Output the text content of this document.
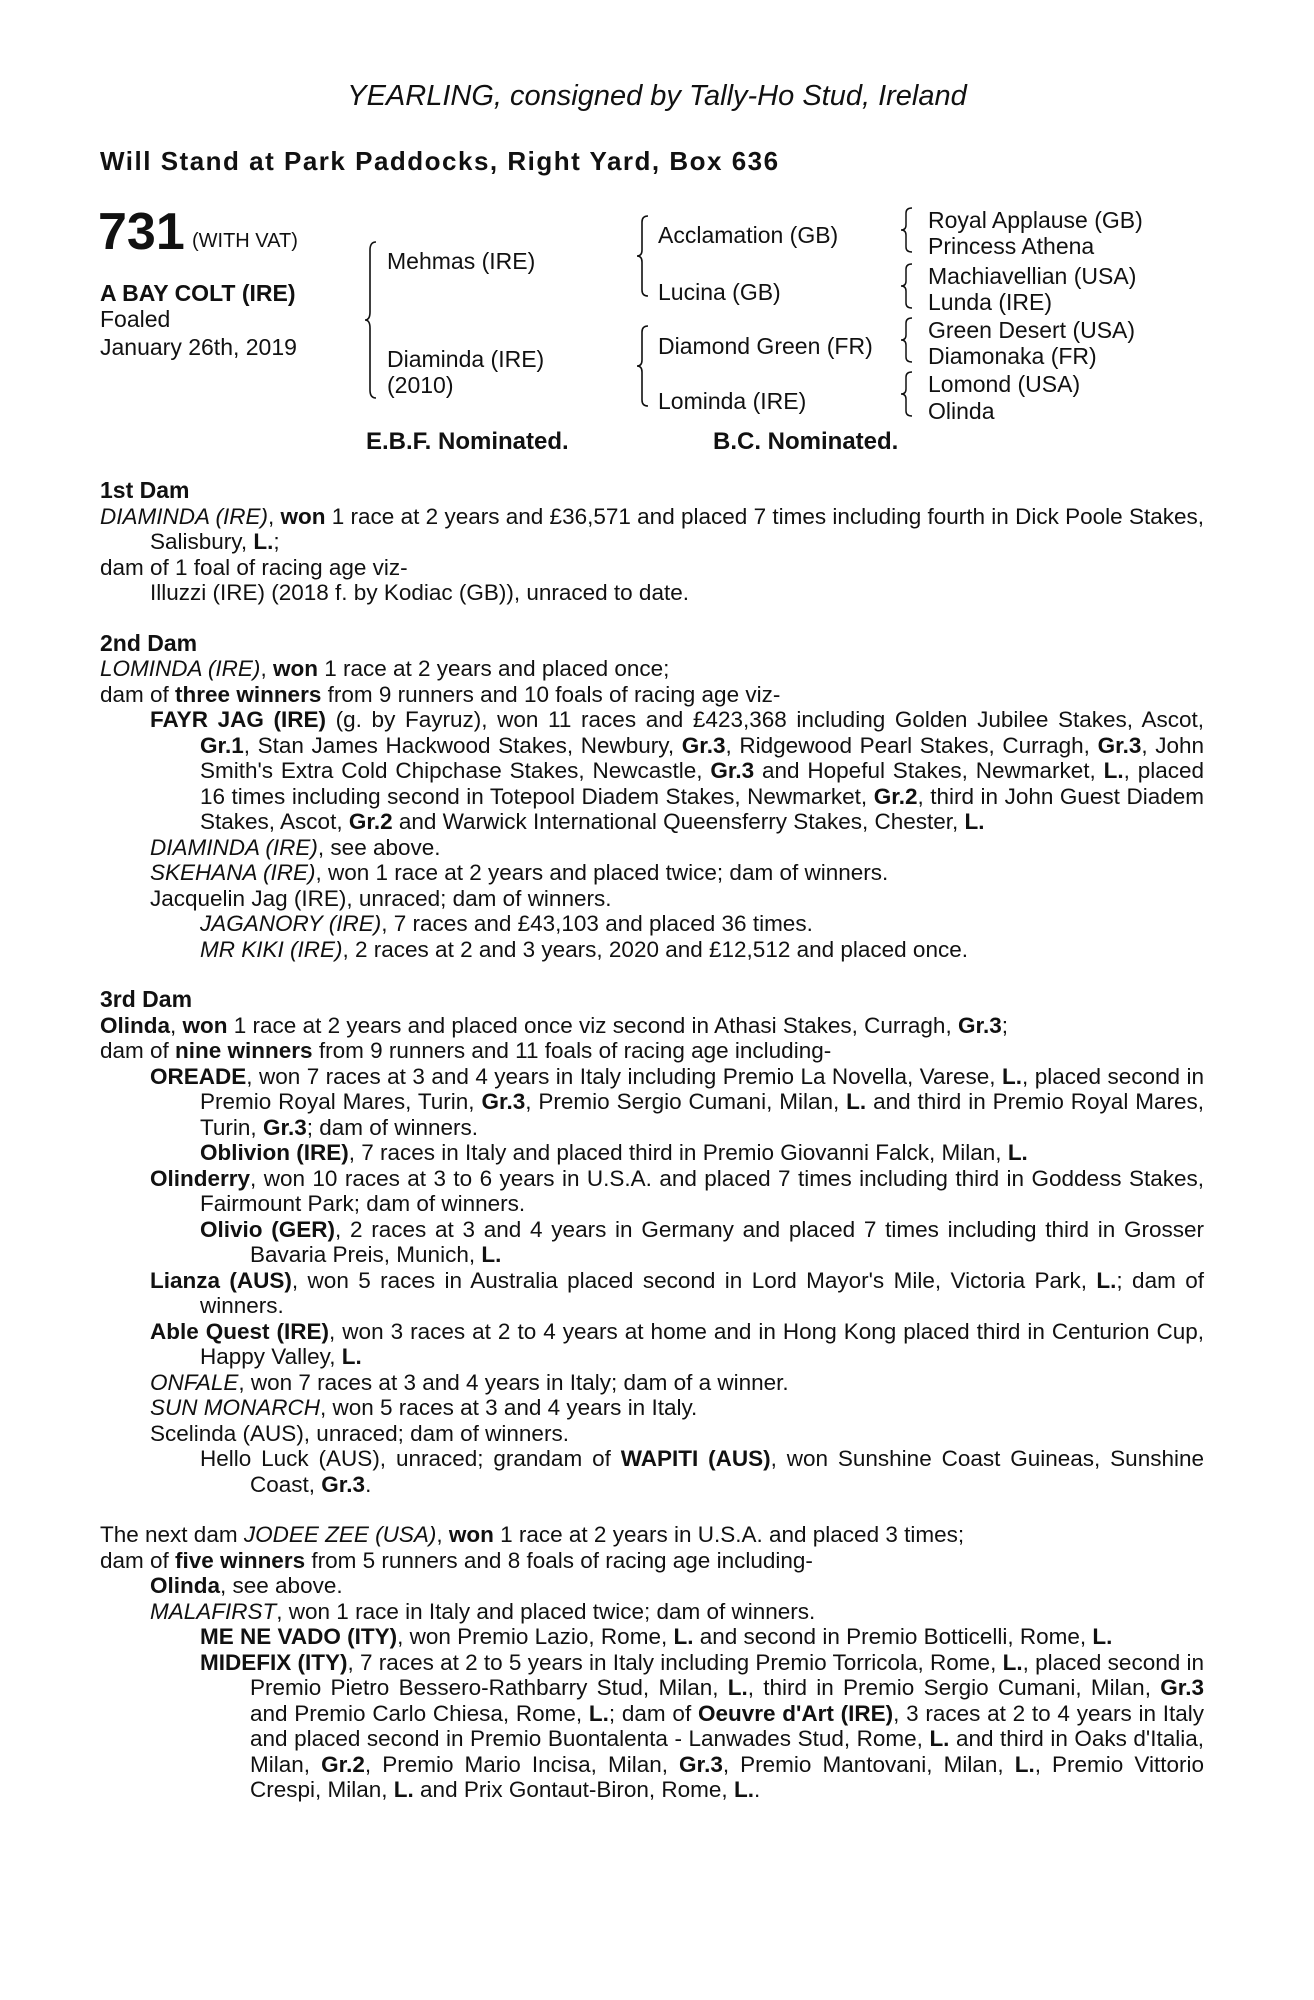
YEARLING, consigned by Tally-Ho Stud, Ireland
Will Stand at Park Paddocks, Right Yard, Box 636
731 (WITH VAT)
A BAY COLT (IRE)
Foaled
January 26th, 2019
Mehmas (IRE)
Diaminda (IRE)
(2010)
Acclamation (GB)
Lucina (GB)
Diamond Green (FR)
Lominda (IRE)
Royal Applause (GB)
Princess Athena
Machiavellian (USA)
Lunda (IRE)
Green Desert (USA)
Diamonaka (FR)
Lomond (USA)
Olinda
E.B.F. Nominated.	B.C. Nominated.

1st Dam

DIAMINDA (IRE), won 1 race at 2 years and £36,571 and placed 7 times including fourth in Dick Poole Stakes, Salisbury, L.;

dam of 1 foal of racing age viz-

Illuzzi (IRE) (2018 f. by Kodiac (GB)), unraced to date.

2nd Dam

LOMINDA (IRE), won 1 race at 2 years and placed once;

dam of three winners from 9 runners and 10 foals of racing age viz-

FAYR JAG (IRE) (g. by Fayruz), won 11 races and £423,368 including Golden Jubilee Stakes, Ascot, Gr.1, Stan James Hackwood Stakes, Newbury, Gr.3, Ridgewood Pearl Stakes, Curragh, Gr.3, John Smith's Extra Cold Chipchase Stakes, Newcastle, Gr.3 and Hopeful Stakes, Newmarket, L., placed 16 times including second in Totepool Diadem Stakes, Newmarket, Gr.2, third in John Guest Diadem Stakes, Ascot, Gr.2 and Warwick International Queensferry Stakes, Chester, L.

DIAMINDA (IRE), see above.

SKEHANA (IRE), won 1 race at 2 years and placed twice; dam of winners.

Jacquelin Jag (IRE), unraced; dam of winners.

JAGANORY (IRE), 7 races and £43,103 and placed 36 times.

MR KIKI (IRE), 2 races at 2 and 3 years, 2020 and £12,512 and placed once.

3rd Dam

Olinda, won 1 race at 2 years and placed once viz second in Athasi Stakes, Curragh, Gr.3;

dam of nine winners from 9 runners and 11 foals of racing age including-

OREADE, won 7 races at 3 and 4 years in Italy including Premio La Novella, Varese, L., placed second in Premio Royal Mares, Turin, Gr.3, Premio Sergio Cumani, Milan, L. and third in Premio Royal Mares, Turin, Gr.3; dam of winners.

Oblivion (IRE), 7 races in Italy and placed third in Premio Giovanni Falck, Milan, L.

Olinderry, won 10 races at 3 to 6 years in U.S.A. and placed 7 times including third in Goddess Stakes, Fairmount Park; dam of winners.

Olivio (GER), 2 races at 3 and 4 years in Germany and placed 7 times including third in Grosser Bavaria Preis, Munich, L.

Lianza (AUS), won 5 races in Australia placed second in Lord Mayor's Mile, Victoria Park, L.; dam of winners.

Able Quest (IRE), won 3 races at 2 to 4 years at home and in Hong Kong placed third in Centurion Cup, Happy Valley, L.

ONFALE, won 7 races at 3 and 4 years in Italy; dam of a winner.

SUN MONARCH, won 5 races at 3 and 4 years in Italy.

Scelinda (AUS), unraced; dam of winners.

Hello Luck (AUS), unraced; grandam of WAPITI (AUS), won Sunshine Coast Guineas, Sunshine Coast, Gr.3.

The next dam JODEE ZEE (USA), won 1 race at 2 years in U.S.A. and placed 3 times;

dam of five winners from 5 runners and 8 foals of racing age including-

Olinda, see above.

MALAFIRST, won 1 race in Italy and placed twice; dam of winners.

ME NE VADO (ITY), won Premio Lazio, Rome, L. and second in Premio Botticelli, Rome, L.

MIDEFIX (ITY), 7 races at 2 to 5 years in Italy including Premio Torricola, Rome, L., placed second in Premio Pietro Bessero-Rathbarry Stud, Milan, L., third in Premio Sergio Cumani, Milan, Gr.3 and Premio Carlo Chiesa, Rome, L.; dam of Oeuvre d'Art (IRE), 3 races at 2 to 4 years in Italy and placed second in Premio Buontalenta - Lanwades Stud, Rome, L. and third in Oaks d'Italia, Milan, Gr.2, Premio Mario Incisa, Milan, Gr.3, Premio Mantovani, Milan, L., Premio Vittorio Crespi, Milan, L. and Prix Gontaut-Biron, Rome, L..
